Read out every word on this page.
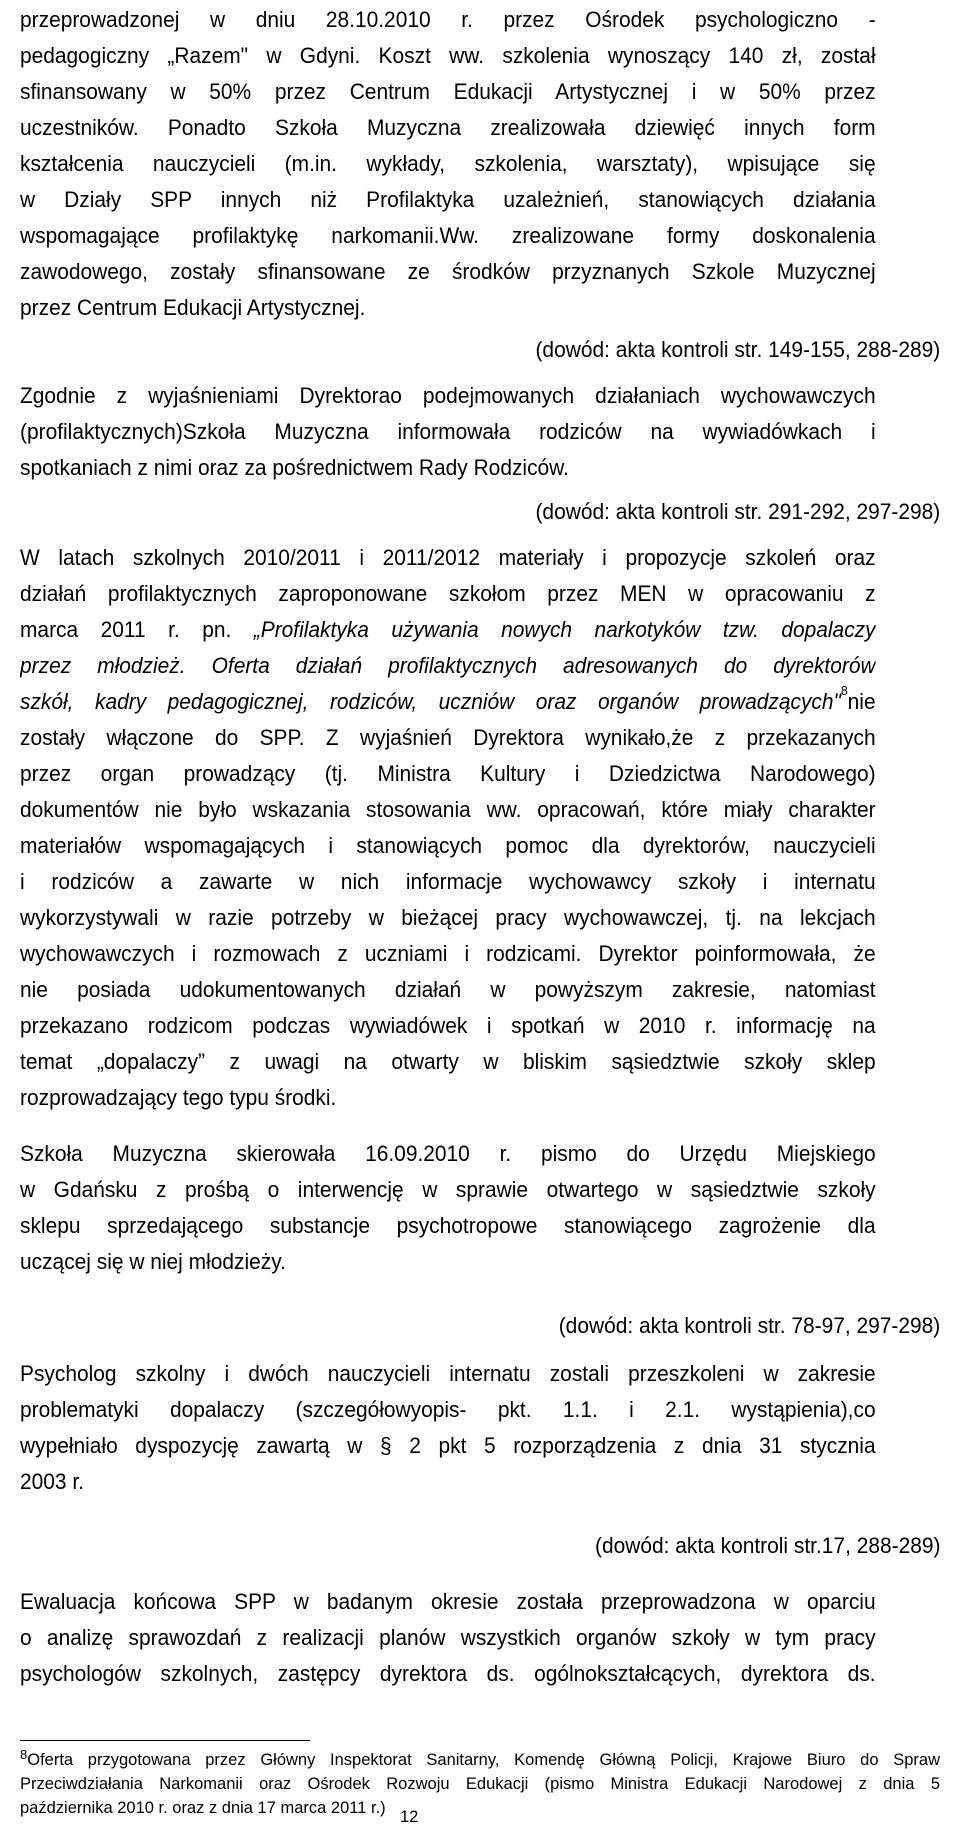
przeprowadzonej w dniu 28.10.2010 r. przez Ośrodek psychologiczno -
pedagogiczny „Razem" w Gdyni. Koszt ww. szkolenia wynoszący 140 zł, został
sfinansowany w 50% przez Centrum Edukacji Artystycznej i w 50% przez
uczestników. Ponadto Szkoła Muzyczna zrealizowała dziewięć innych form
kształcenia nauczycieli (m.in. wykłady, szkolenia, warsztaty), wpisujące się
w Działy SPP innych niż Profilaktyka uzależnień, stanowiących działania
wspomagające profilaktykę narkomanii.Ww. zrealizowane formy doskonalenia
zawodowego, zostały sfinansowane ze środków przyznanych Szkole Muzycznej
przez Centrum Edukacji Artystycznej.
(dowód: akta kontroli str. 149-155, 288-289)
Zgodnie z wyjaśnieniami Dyrektorao podejmowanych działaniach wychowawczych
(profilaktycznych)Szkoła Muzyczna informowała rodziców na wywiadówkach i
spotkaniach z nimi oraz za pośrednictwem Rady Rodziców.
(dowód: akta kontroli str. 291-292, 297-298)
W latach szkolnych 2010/2011 i 2011/2012 materiały i propozycje szkoleń oraz
działań profilaktycznych zaproponowane szkołom przez MEN w opracowaniu z
marca 2011 r. pn. „Profilaktyka używania nowych narkotyków tzw. dopalaczy
przez młodzież. Oferta działań profilaktycznych adresowanych do dyrektorów
szkół, kadry pedagogicznej, rodziców, uczniów oraz organów prowadzących"$^8$nie
zostały włączone do SPP. Z wyjaśnień Dyrektora wynikało,że z przekazanych
przez organ prowadzący (tj. Ministra Kultury i Dziedzictwa Narodowego)
dokumentów nie było wskazania stosowania ww. opracowań, które miały charakter
materiałów wspomagających i stanowiących pomoc dla dyrektorów, nauczycieli
i rodziców a zawarte w nich informacje wychowawcy szkoły i internatu
wykorzystywali w razie potrzeby w bieżącej pracy wychowawczej, tj. na lekcjach
wychowawczych i rozmowach z uczniami i rodzicami. Dyrektor poinformowała, że
nie posiada udokumentowanych działań w powyższym zakresie, natomiast
przekazano rodzicom podczas wywiadówek i spotkań w 2010 r. informację na
temat „dopalaczy” z uwagi na otwarty w bliskim sąsiedztwie szkoły sklep
rozprowadzający tego typu środki.
Szkoła Muzyczna skierowała 16.09.2010 r. pismo do Urzędu Miejskiego
w Gdańsku z prośbą o interwencję w sprawie otwartego w sąsiedztwie szkoły
sklepu sprzedającego substancje psychotropowe stanowiącego zagrożenie dla
uczącej się w niej młodzieży.
(dowód: akta kontroli str. 78-97, 297-298)
Psycholog szkolny i dwóch nauczycieli internatu zostali przeszkoleni w zakresie
problematyki dopalaczy (szczegółowyopis- pkt. 1.1. i 2.1. wystąpienia),co
wypełniało dyspozycję zawartą w § 2 pkt 5 rozporządzenia z dnia 31 stycznia
2003 r.
(dowód: akta kontroli str.17, 288-289)
Ewaluacja końcowa SPP w badanym okresie została przeprowadzona w oparciu
o analizę sprawozdań z realizacji planów wszystkich organów szkoły w tym pracy
psychologów szkolnych, zastępcy dyrektora ds. ogólnokształcących, dyrektora ds.
$^8$Oferta przygotowana przez Główny Inspektorat Sanitarny, Komendę Główną Policji, Krajowe Biuro do Spraw
Przeciwdziałania Narkomanii oraz Ośrodek Rozwoju Edukacji (pismo Ministra Edukacji Narodowej z dnia 5
października 2010 r. oraz z dnia 17 marca 2011 r.) 12
